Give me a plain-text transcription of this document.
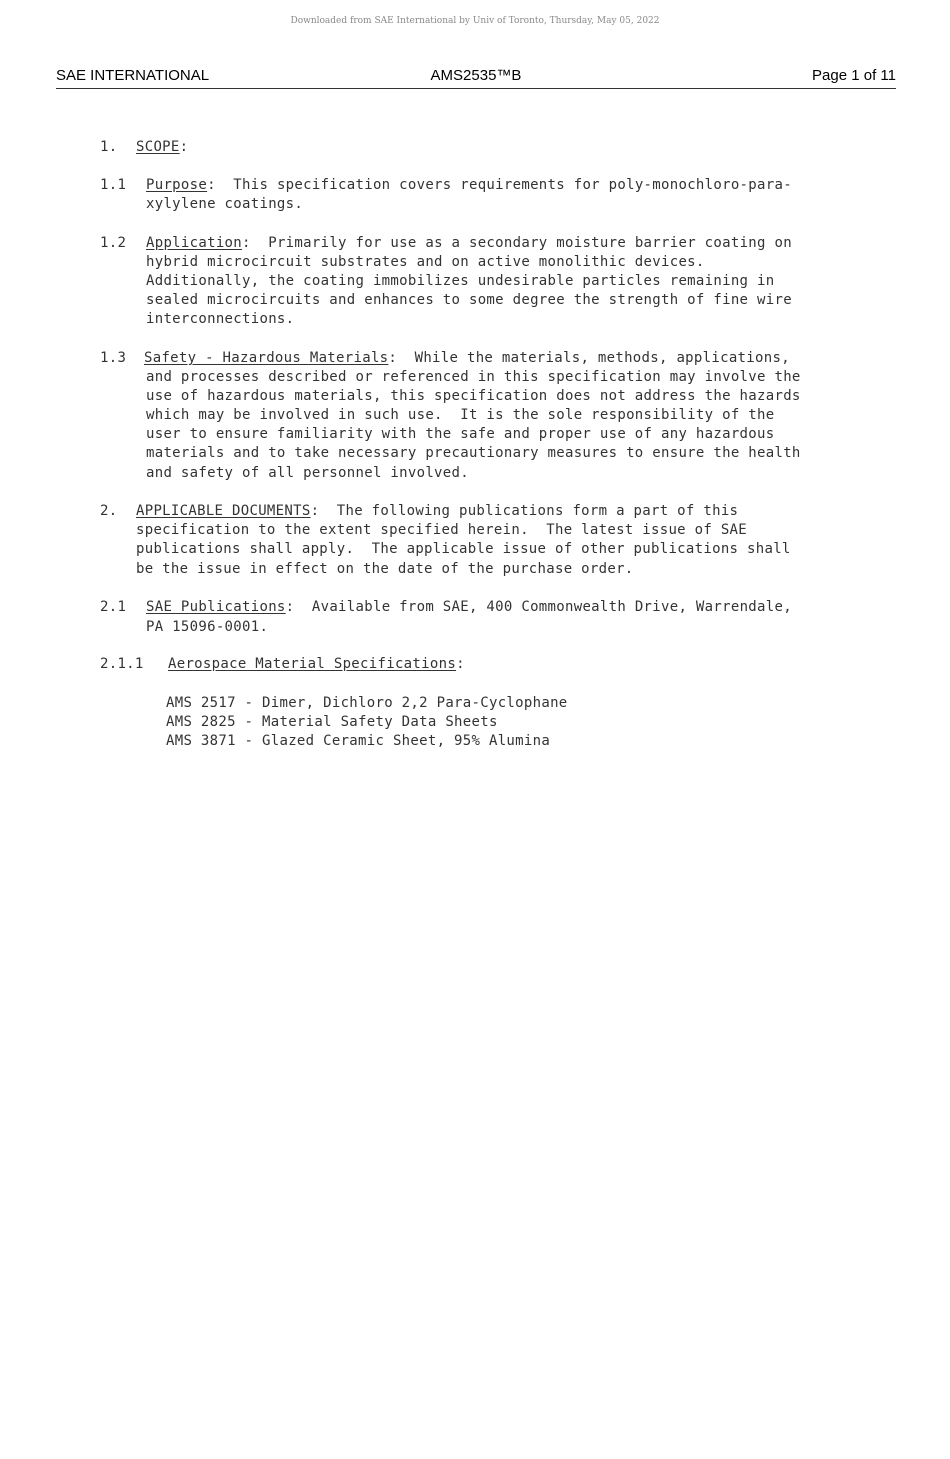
Downloaded from SAE International by Univ of Toronto, Thursday, May 05, 2022
AMS2535™B
SAE INTERNATIONAL	Page 1 of 11

1.

SCOPE:

1.1

Purpose:  This specification covers requirements for poly-monochloro-para-

xylylene coatings.

1.2

Application:  Primarily for use as a secondary moisture barrier coating on

hybrid microcircuit substrates and on active monolithic devices.

Additionally, the coating immobilizes undesirable particles remaining in

sealed microcircuits and enhances to some degree the strength of fine wire

interconnections.

1.3

Safety - Hazardous Materials:  While the materials, methods, applications,

and processes described or referenced in this specification may involve the

use of hazardous materials, this specification does not address the hazards

which may be involved in such use.  It is the sole responsibility of the

user to ensure familiarity with the safe and proper use of any hazardous

materials and to take necessary precautionary measures to ensure the health

and safety of all personnel involved.

2.

APPLICABLE DOCUMENTS:  The following publications form a part of this

specification to the extent specified herein.  The latest issue of SAE

publications shall apply.  The applicable issue of other publications shall

be the issue in effect on the date of the purchase order.

2.1

SAE Publications:  Available from SAE, 400 Commonwealth Drive, Warrendale,

PA 15096-0001.

2.1.1

Aerospace Material Specifications:

AMS 2517 - Dimer, Dichloro 2,2 Para-Cyclophane

AMS 2825 - Material Safety Data Sheets

AMS 3871 - Glazed Ceramic Sheet, 95% Alumina
